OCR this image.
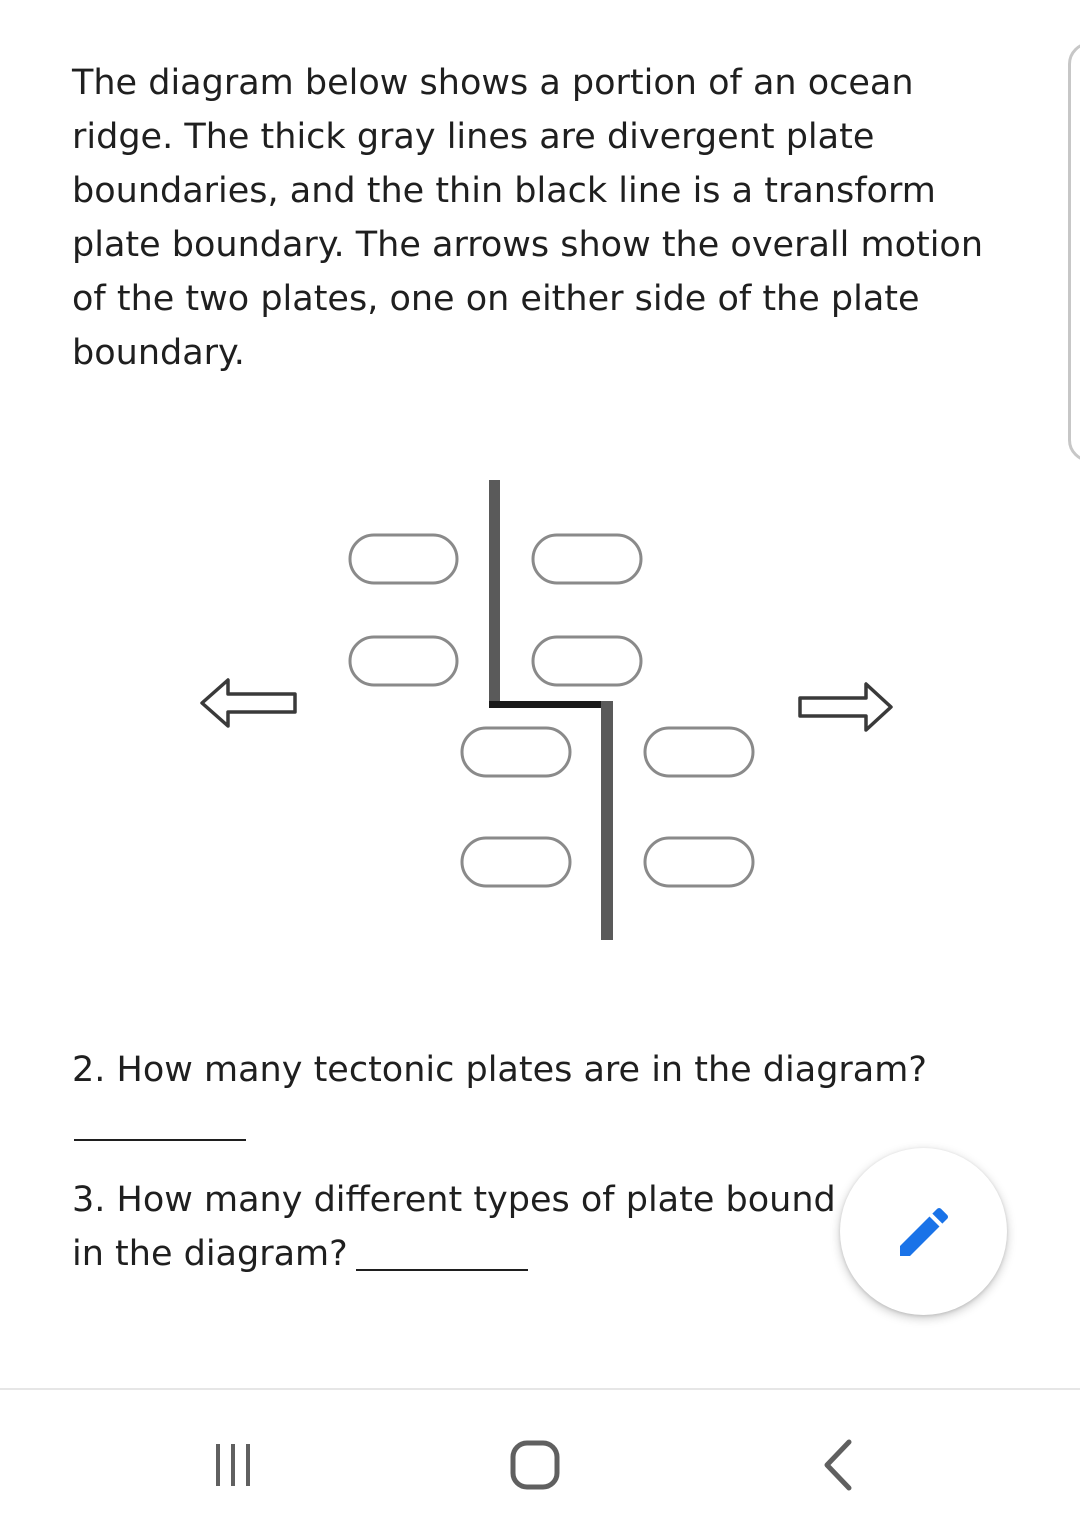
The diagram below shows a portion of an ocean
ridge. The thick gray lines are divergent plate
boundaries, and the thin black line is a transform
plate boundary. The arrows show the overall motion
of the two plates, one on either side of the plate
boundary.

2. How many tectonic plates are in the diagram?

3. How many different types of plate bound

in the diagram?
